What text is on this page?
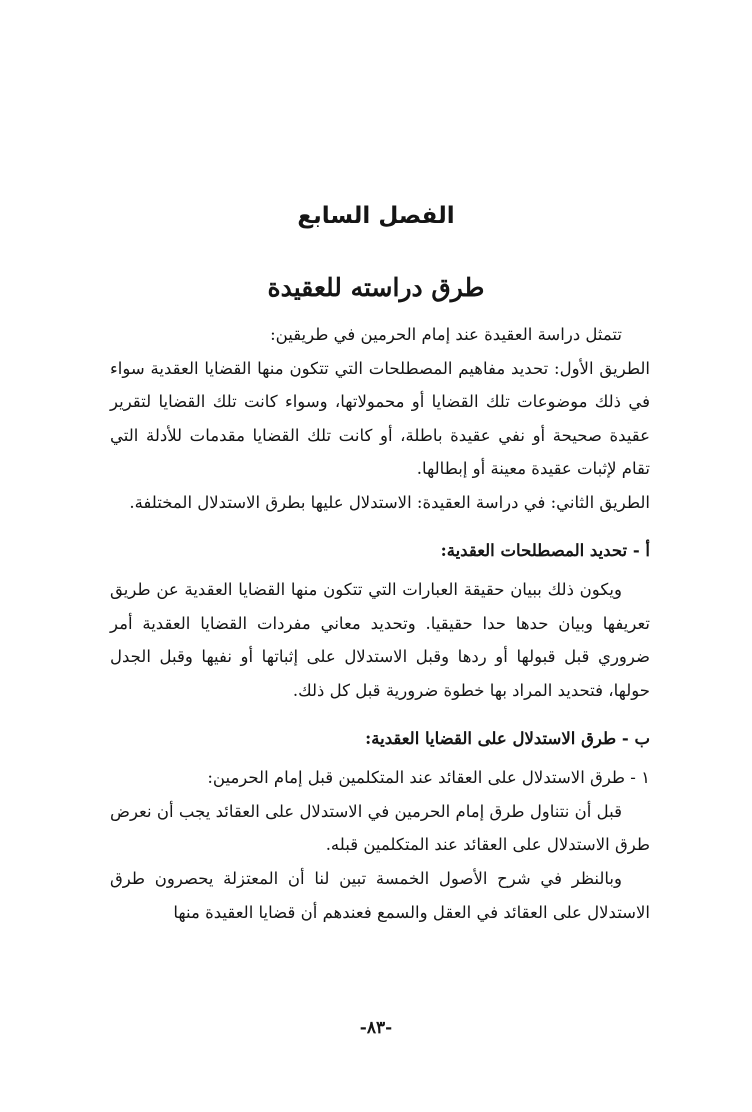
الفصل السابع
طرق دراسته للعقيدة

تتمثل دراسة العقيدة عند إمام الحرمين في طريقين:

الطريق الأول: تحديد مفاهيم المصطلحات التي تتكون منها القضايا العقدية سواء في ذلك موضوعات تلك القضايا أو محمولاتها، وسواء كانت تلك القضايا لتقرير عقيدة صحيحة أو نفي عقيدة باطلة، أو كانت تلك القضايا مقدمات للأدلة التي تقام لإثبات عقيدة معينة أو إبطالها.

الطريق الثاني: في دراسة العقيدة: الاستدلال عليها بطرق الاستدلال المختلفة.

أ - تحديد المصطلحات العقدية:

ويكون ذلك ببيان حقيقة العبارات التي تتكون منها القضايا العقدية عن طريق تعريفها وبيان حدها حدا حقيقيا. وتحديد معاني مفردات القضايا العقدية أمر ضروري قبل قبولها أو ردها وقبل الاستدلال على إثباتها أو نفيها وقبل الجدل حولها، فتحديد المراد بها خطوة ضرورية قبل كل ذلك.

ب - طرق الاستدلال على القضايا العقدية:

١ - طرق الاستدلال على العقائد عند المتكلمين قبل إمام الحرمين:

قبل أن نتناول طرق إمام الحرمين في الاستدلال على العقائد يجب أن نعرض طرق الاستدلال على العقائد عند المتكلمين قبله.

وبالنظر في شرح الأصول الخمسة تبين لنا أن المعتزلة يحصرون طرق الاستدلال على العقائد في العقل والسمع فعندهم أن قضايا العقيدة منها

-٨٣-
